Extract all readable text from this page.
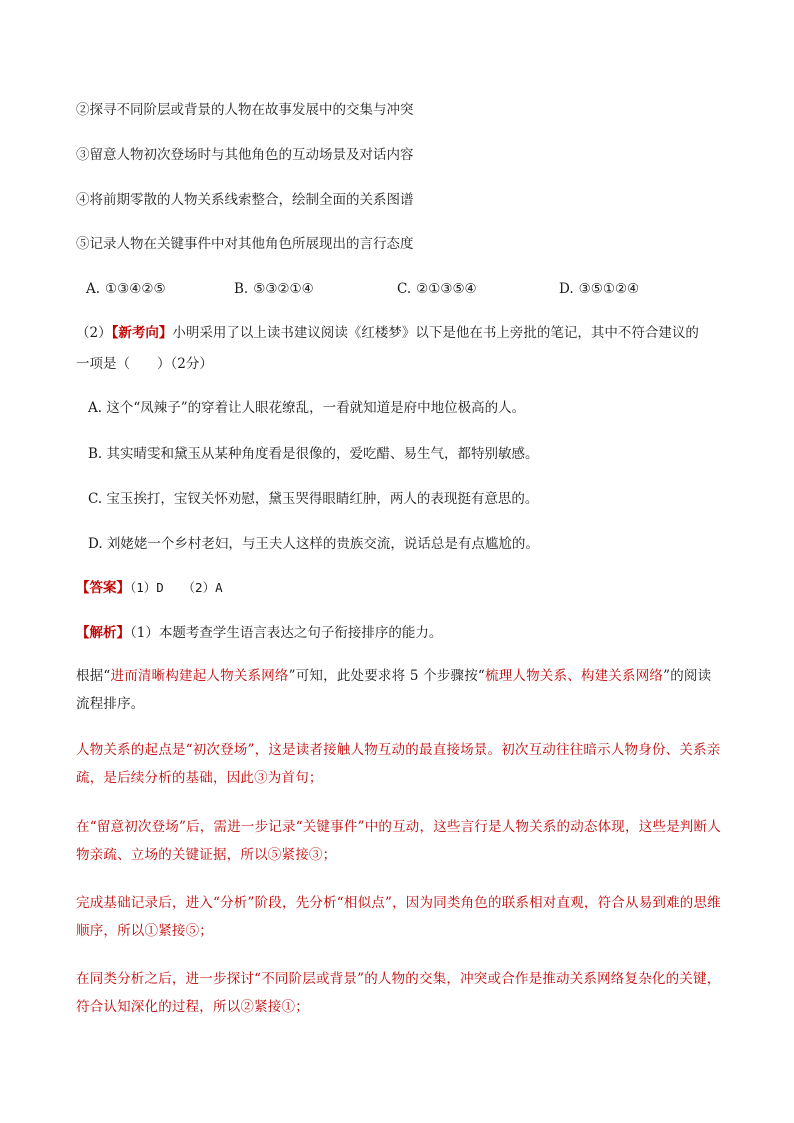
②探寻不同阶层或背景的人物在故事发展中的交集与冲突
③留意人物初次登场时与其他角色的互动场景及对话内容
④将前期零散的人物关系线索整合，绘制全面的关系图谱
⑤记录人物在关键事件中对其他角色所展现出的言行态度
A. ①③④②⑤	B. ⑤③②①④	C. ②①③⑤④	D. ③⑤①②④
（2）【新考向】小明采用了以上读书建议阅读《红楼梦》以下是他在书上旁批的笔记，其中不符合建议的
一项是（　　）（2分）
A. 这个“凤辣子”的穿着让人眼花缭乱，一看就知道是府中地位极高的人。
B. 其实晴雯和黛玉从某种角度看是很像的，爱吃醋、易生气，都特别敏感。
C. 宝玉挨打，宝钗关怀劝慰，黛玉哭得眼睛红肿，两人的表现挺有意思的。
D. 刘姥姥一个乡村老妇，与王夫人这样的贵族交流，说话总是有点尴尬的。
【答案】（1）D　　（2）A
【解析】（1）本题考查学生语言表达之句子衔接排序的能力。
根据“进而清晰构建起人物关系网络”可知，此处要求将 5 个步骤按“梳理人物关系、构建关系网络”的阅读流程排序。
人物关系的起点是“初次登场”，这是读者接触人物互动的最直接场景。初次互动往往暗示人物身份、关系亲疏，是后续分析的基础，因此③为首句；
在“留意初次登场”后，需进一步记录“关键事件”中的互动，这些言行是人物关系的动态体现，这些是判断人物亲疏、立场的关键证据，所以⑤紧接③；
完成基础记录后，进入“分析”阶段，先分析“相似点”，因为同类角色的联系相对直观，符合从易到难的思维顺序，所以①紧接⑤；
在同类分析之后，进一步探讨“不同阶层或背景”的人物的交集，冲突或合作是推动关系网络复杂化的关键，符合认知深化的过程，所以②紧接①；
